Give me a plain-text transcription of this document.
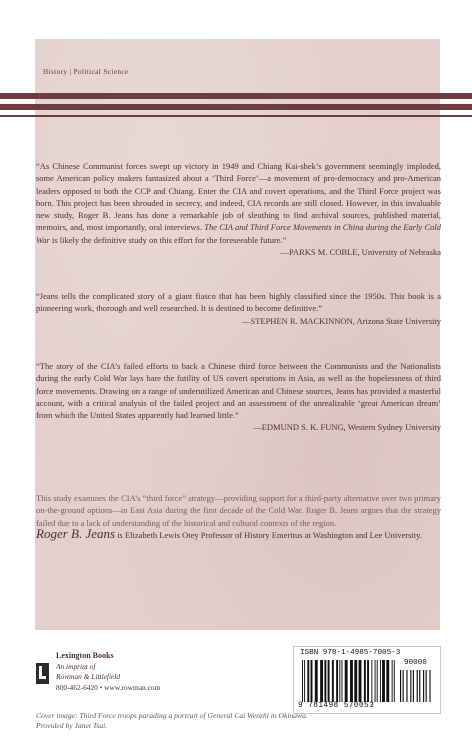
History | Political Science
“As Chinese Communist forces swept up victory in 1949 and Chiang Kai-shek’s government seemingly imploded, some American policy makers fantasized about a ‘Third Force’—a movement of pro-democracy and pro-American leaders opposed to both the CCP and Chiang. Enter the CIA and covert operations, and the Third Force project was born. This project has been shrouded in secrecy, and indeed, CIA records are still closed. However, in this invaluable new study, Roger B. Jeans has done a remarkable job of sleuthing to find archival sources, published material, memoirs, and, most importantly, oral interviews. The CIA and Third Force Movements in China during the Early Cold War is likely the definitive study on this effort for the foreseeable future.”
—PARKS M. COBLE, University of Nebraska
“Jeans tells the complicated story of a giant fiasco that has been highly classified since the 1950s. This book is a pioneering work, thorough and well researched. It is destined to become definitive.”
—STEPHEN R. MACKINNON, Arizona State University
“The story of the CIA’s failed efforts to back a Chinese third force between the Communists and the Nationalists during the early Cold War lays bare the futility of US covert operations in Asia, as well as the hopelessness of third force movements. Drawing on a range of underutilized American and Chinese sources, Jeans has provided a masterful account, with a critical analysis of the failed project and an assessment of the unrealizable ‘great American dream’ from which the United States apparently had learned little.”
—EDMUND S. K. FUNG, Western Sydney University
This study examines the CIA’s “third force” strategy—providing support for a third-party alternative over two primary on-the-ground options—in East Asia during the first decade of the Cold War. Roger B. Jeans argues that the strategy failed due to a lack of understanding of the historical and cultural contexts of the region.
Roger B. Jeans is Elizabeth Lewis Otey Professor of History Emeritus at Washington and Lee University.
Lexington Books
An imprint of
Rowman & Littlefield
800-462-6420 • www.rowman.com
ISBN 978-1-4985-7005-3
90000
9 781498 570053
Cover image: Third Force troops parading a portrait of General Cai Wenzhi in Okinawa. Provided by Janet Tsai.
